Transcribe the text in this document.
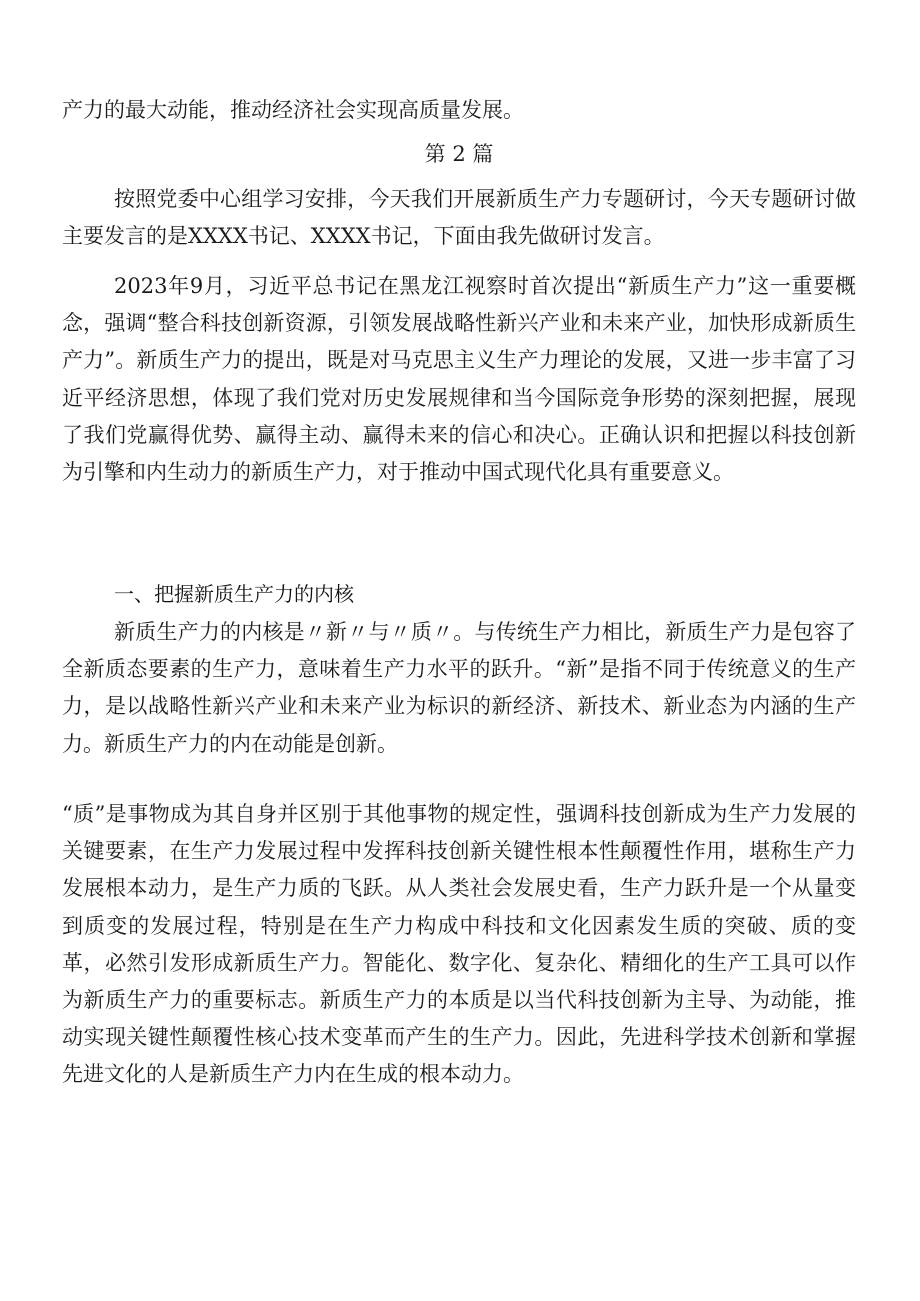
产力的最大动能，推动经济社会实现高质量发展。

第 2 篇

按照党委中心组学习安排，今天我们开展新质生产力专题研讨，今天专题研讨做主要发言的是XXXX书记、XXXX书记，下面由我先做研讨发言。

2023年9月，习近平总书记在黑龙江视察时首次提出“新质生产力”这一重要概念，强调“整合科技创新资源，引领发展战略性新兴产业和未来产业，加快形成新质生产力”。新质生产力的提出，既是对马克思主义生产力理论的发展，又进一步丰富了习近平经济思想，体现了我们党对历史发展规律和当今国际竞争形势的深刻把握，展现了我们党赢得优势、赢得主动、赢得未来的信心和决心。正确认识和把握以科技创新为引擎和内生动力的新质生产力，对于推动中国式现代化具有重要意义。

一、把握新质生产力的内核

新质生产力的内核是〃新〃与〃质〃。与传统生产力相比，新质生产力是包容了全新质态要素的生产力，意味着生产力水平的跃升。“新”是指不同于传统意义的生产力，是以战略性新兴产业和未来产业为标识的新经济、新技术、新业态为内涵的生产力。新质生产力的内在动能是创新。

“质”是事物成为其自身并区别于其他事物的规定性，强调科技创新成为生产力发展的关键要素，在生产力发展过程中发挥科技创新关键性根本性颠覆性作用，堪称生产力发展根本动力，是生产力质的飞跃。从人类社会发展史看，生产力跃升是一个从量变到质变的发展过程，特别是在生产力构成中科技和文化因素发生质的突破、质的变革，必然引发形成新质生产力。智能化、数字化、复杂化、精细化的生产工具可以作为新质生产力的重要标志。新质生产力的本质是以当代科技创新为主导、为动能，推动实现关键性颠覆性核心技术变革而产生的生产力。因此，先进科学技术创新和掌握先进文化的人是新质生产力内在生成的根本动力。
